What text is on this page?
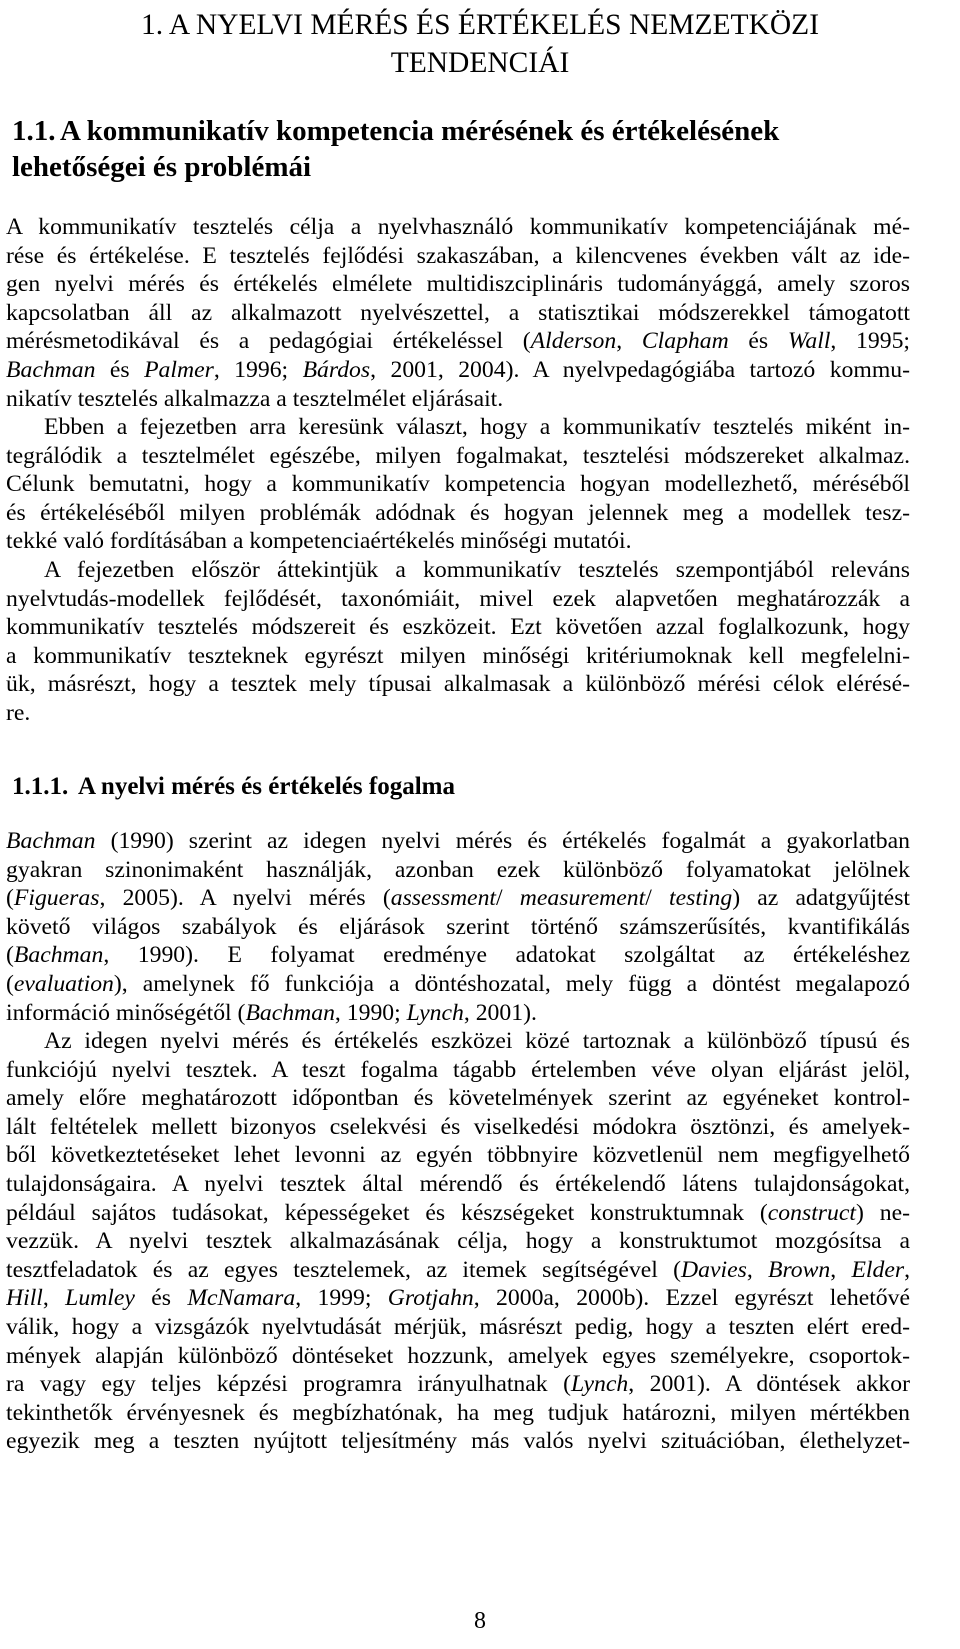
1. A NYELVI MÉRÉS ÉS ÉRTÉKELÉS NEMZETKÖZI
TENDENCIÁI
1.1. A kommunikatív kompetencia mérésének és értékelésének
lehetőségei és problémái
A kommunikatív tesztelés célja a nyelvhasználó kommunikatív kompetenciájának mé-
rése és értékelése. E tesztelés fejlődési szakaszában, a kilencvenes években vált az ide-
gen nyelvi mérés és értékelés elmélete multidiszciplináris tudományággá, amely szoros
kapcsolatban áll az alkalmazott nyelvészettel, a statisztikai módszerekkel támogatott
mérésmetodikával és a pedagógiai értékeléssel (Alderson, Clapham és Wall, 1995;
Bachman és Palmer, 1996; Bárdos, 2001, 2004). A nyelvpedagógiába tartozó kommu-
nikatív tesztelés alkalmazza a tesztelmélet eljárásait.
Ebben a fejezetben arra keresünk választ, hogy a kommunikatív tesztelés miként in-
tegrálódik a tesztelmélet egészébe, milyen fogalmakat, tesztelési módszereket alkalmaz.
Célunk bemutatni, hogy a kommunikatív kompetencia hogyan modellezhető, méréséből
és értékeléséből milyen problémák adódnak és hogyan jelennek meg a modellek tesz-
tekké való fordításában a kompetenciaértékelés minőségi mutatói.
A fejezetben először áttekintjük a kommunikatív tesztelés szempontjából releváns
nyelvtudás-modellek fejlődését, taxonómiáit, mivel ezek alapvetően meghatározzák a
kommunikatív tesztelés módszereit és eszközeit. Ezt követően azzal foglalkozunk, hogy
a kommunikatív teszteknek egyrészt milyen minőségi kritériumoknak kell megfelelni-
ük, másrészt, hogy a tesztek mely típusai alkalmasak a különböző mérési célok elérésé-
re.
1.1.1. A nyelvi mérés és értékelés fogalma
Bachman (1990) szerint az idegen nyelvi mérés és értékelés fogalmát a gyakorlatban
gyakran szinonimaként használják, azonban ezek különböző folyamatokat jelölnek
(Figueras, 2005). A nyelvi mérés (assessment/ measurement/ testing) az adatgyűjtést
követő világos szabályok és eljárások szerint történő számszerűsítés, kvantifikálás
(Bachman, 1990). E folyamat eredménye adatokat szolgáltat az értékeléshez
(evaluation), amelynek fő funkciója a döntéshozatal, mely függ a döntést megalapozó
információ minőségétől (Bachman, 1990; Lynch, 2001).
Az idegen nyelvi mérés és értékelés eszközei közé tartoznak a különböző típusú és
funkciójú nyelvi tesztek. A teszt fogalma tágabb értelemben véve olyan eljárást jelöl,
amely előre meghatározott időpontban és követelmények szerint az egyéneket kontrol-
lált feltételek mellett bizonyos cselekvési és viselkedési módokra ösztönzi, és amelyek-
ből következtetéseket lehet levonni az egyén többnyire közvetlenül nem megfigyelhető
tulajdonságaira. A nyelvi tesztek által mérendő és értékelendő látens tulajdonságokat,
például sajátos tudásokat, képességeket és készségeket konstruktumnak (construct) ne-
vezzük. A nyelvi tesztek alkalmazásának célja, hogy a konstruktumot mozgósítsa a
tesztfeladatok és az egyes tesztelemek, az itemek segítségével (Davies, Brown, Elder,
Hill, Lumley és McNamara, 1999; Grotjahn, 2000a, 2000b). Ezzel egyrészt lehetővé
válik, hogy a vizsgázók nyelvtudását mérjük, másrészt pedig, hogy a teszten elért ered-
mények alapján különböző döntéseket hozzunk, amelyek egyes személyekre, csoportok-
ra vagy egy teljes képzési programra irányulhatnak (Lynch, 2001). A döntések akkor
tekinthetők érvényesnek és megbízhatónak, ha meg tudjuk határozni, milyen mértékben
egyezik meg a teszten nyújtott teljesítmény más valós nyelvi szituációban, élethelyzet-
8
